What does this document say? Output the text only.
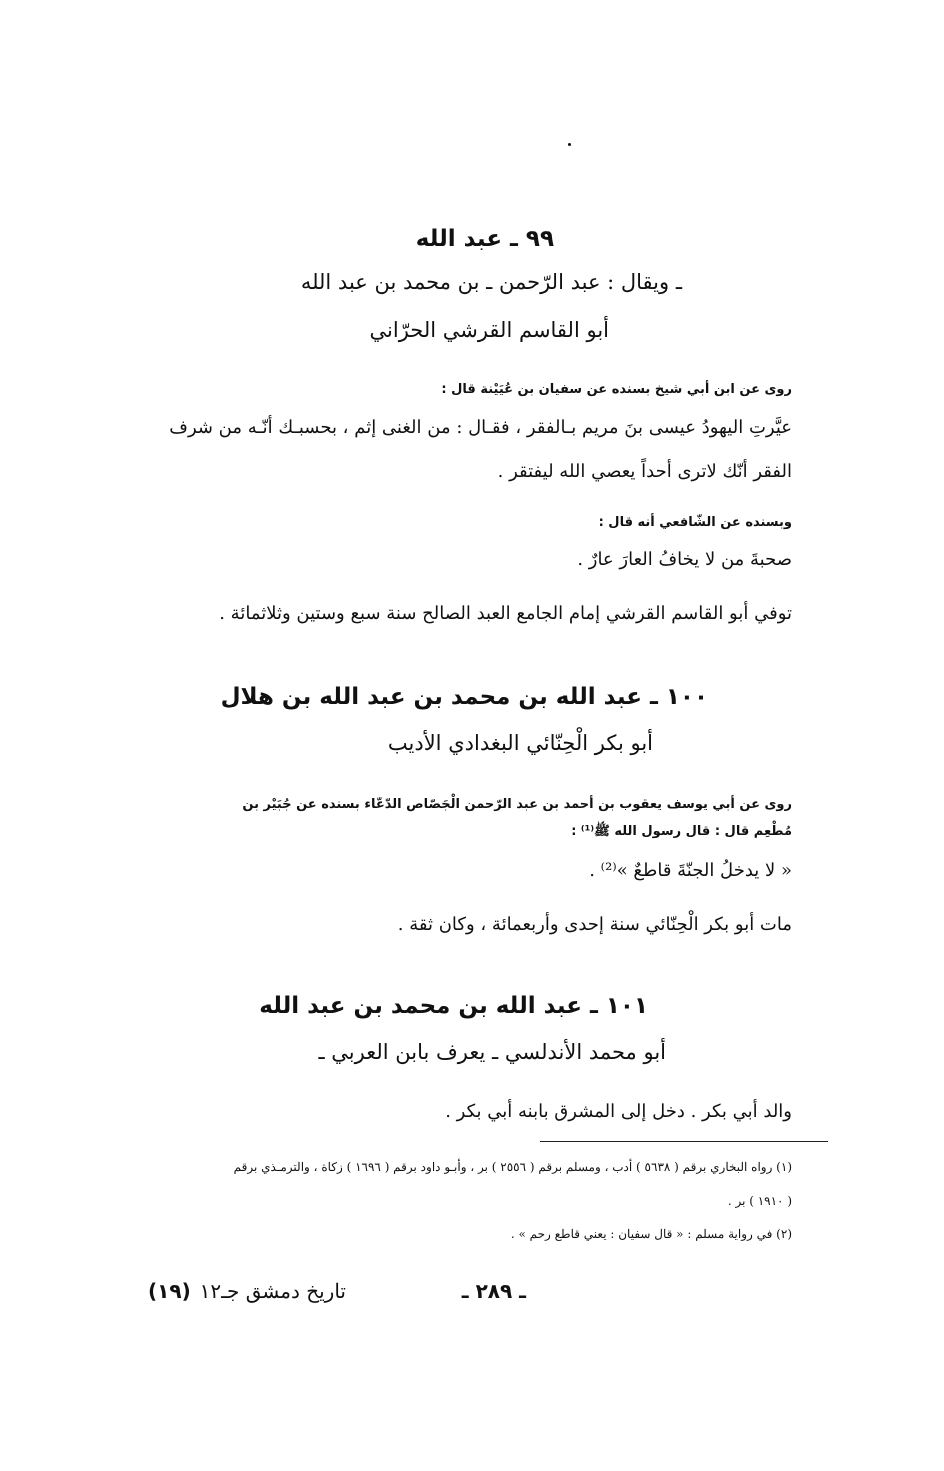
٩٩ ـ عبد الله
ـ ويقال : عبد الرّحمن ـ بن محمد بن عبد الله
أبو القاسم القرشي الحرّاني
روى عن ابن أبي شيخ بسنده عن سفيان بن عُيَيْنة قال :
عيَّرتِ اليهودُ عيسى بنَ مريم بـالفقر ، فقـال : من الغنى إثم ، بحسبـك أنّـه من شرف
الفقر أنّك لاترى أحداً يعصي الله ليفتقر .
وبسنده عن الشّافعي أنه قال :
صحبةَ من لا يخافُ العارَ عارٌ .
توفي أبو القاسم القرشي إمام الجامع العبد الصالح سنة سبع وستين وثلاثمائة .
١٠٠ ـ عبد الله بن محمد بن عبد الله بن هلال
أبو بكر الْحِنّائي البغدادي الأديب
روى عن أبي يوسف يعقوب بن أحمد بن عبد الرّحمن الْجَصّاص الدّعّاء بسنده عن جُبَيْر بن
مُطْعِم قال : قال رسول الله ﷺ⁽¹⁾ :
« لا يدخلُ الجنّةَ قاطعٌ »⁽²⁾ .
مات أبو بكر الْحِنّائي سنة إحدى وأربعمائة ، وكان ثقة .
١٠١ ـ عبد الله بن محمد بن عبد الله
أبو محمد الأندلسي ـ يعرف بابن العربي ـ
والد أبي بكر . دخل إلى المشرق بابنه أبي بكر .
(١) رواه البخاري برقم ( ٥٦٣٨ ) أدب ، ومسلم برقم ( ٢٥٥٦ ) بر ، وأبـو داود برقم ( ١٦٩٦ ) زكاة ، والترمـذي برقم
( ١٩١٠ ) بر .
(٢) في رواية مسلم : « قال سفيان : يعني قاطع رحم » .
ـ ٢٨٩ ـ
تاريخ دمشق جـ١٢
(١٩)
